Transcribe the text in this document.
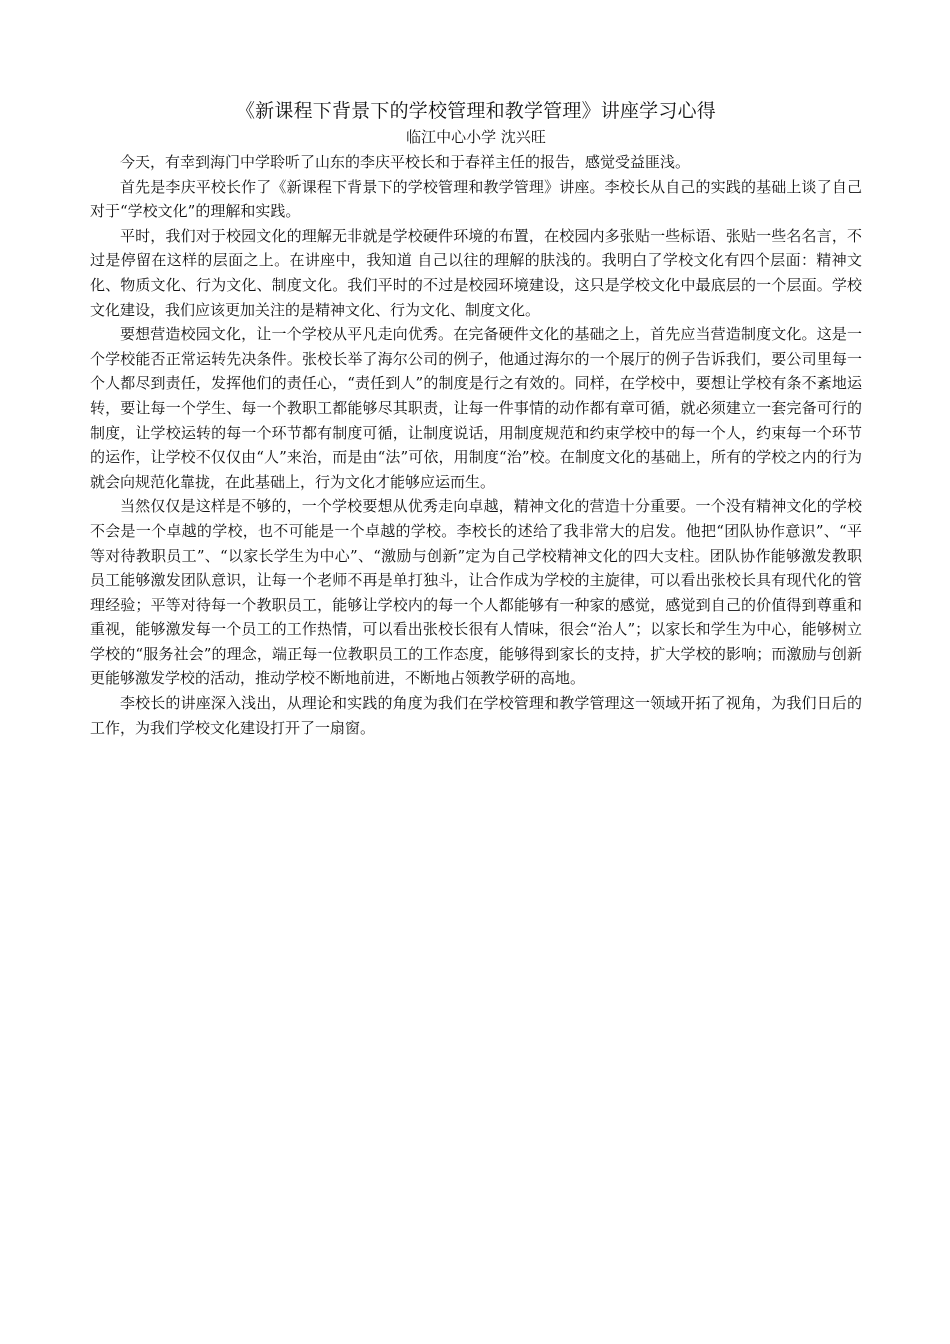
《新课程下背景下的学校管理和教学管理》讲座学习心得

临江中心小学 沈兴旺

今天，有幸到海门中学聆听了山东的李庆平校长和于春祥主任的报告，感觉受益匪浅。

首先是李庆平校长作了《新课程下背景下的学校管理和教学管理》讲座。李校长从自己的实践的基础上谈了自己对于“学校文化”的理解和实践。

平时，我们对于校园文化的理解无非就是学校硬件环境的布置，在校园内多张贴一些标语、张贴一些名名言，不过是停留在这样的层面之上。在讲座中，我知道 自己以往的理解的肤浅的。我明白了学校文化有四个层面：精神文化、物质文化、行为文化、制度文化。我们平时的不过是校园环境建设，这只是学校文化中最底层的一个层面。学校文化建设，我们应该更加关注的是精神文化、行为文化、制度文化。

要想营造校园文化，让一个学校从平凡走向优秀。在完备硬件文化的基础之上，首先应当营造制度文化。这是一个学校能否正常运转先决条件。张校长举了海尔公司的例子，他通过海尔的一个展厅的例子告诉我们，要公司里每一个人都尽到责任，发挥他们的责任心，“责任到人”的制度是行之有效的。同样，在学校中，要想让学校有条不紊地运转，要让每一个学生、每一个教职工都能够尽其职责，让每一件事情的动作都有章可循，就必须建立一套完备可行的制度，让学校运转的每一个环节都有制度可循，让制度说话，用制度规范和约束学校中的每一个人，约束每一个环节的运作，让学校不仅仅由“人”来治，而是由“法”可依，用制度“治”校。在制度文化的基础上，所有的学校之内的行为就会向规范化靠拢，在此基础上，行为文化才能够应运而生。

当然仅仅是这样是不够的，一个学校要想从优秀走向卓越，精神文化的营造十分重要。一个没有精神文化的学校不会是一个卓越的学校，也不可能是一个卓越的学校。李校长的述给了我非常大的启发。他把“团队协作意识”、“平等对待教职员工”、“以家长学生为中心”、“激励与创新”定为自己学校精神文化的四大支柱。团队协作能够激发教职员工能够激发团队意识，让每一个老师不再是单打独斗，让合作成为学校的主旋律，可以看出张校长具有现代化的管理经验；平等对待每一个教职员工，能够让学校内的每一个人都能够有一种家的感觉，感觉到自己的价值得到尊重和重视，能够激发每一个员工的工作热情，可以看出张校长很有人情味，很会“治人”；以家长和学生为中心，能够树立学校的“服务社会”的理念，端正每一位教职员工的工作态度，能够得到家长的支持，扩大学校的影响；而激励与创新更能够激发学校的活动，推动学校不断地前进，不断地占领教学研的高地。

李校长的讲座深入浅出，从理论和实践的角度为我们在学校管理和教学管理这一领域开拓了视角，为我们日后的工作，为我们学校文化建设打开了一扇窗。
